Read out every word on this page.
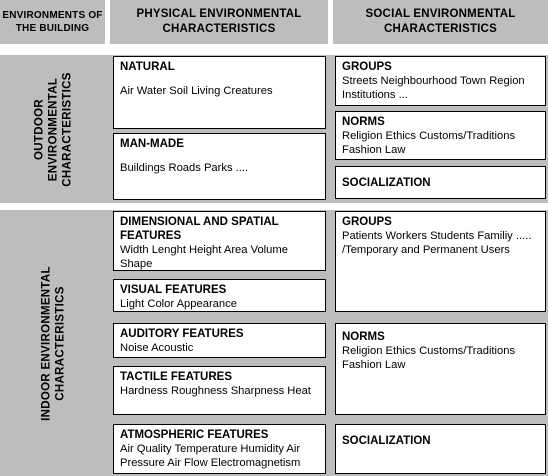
ENVIRONMENTS OF THE BUILDING
PHYSICAL ENVIRONMENTAL CHARACTERISTICS
SOCIAL ENVIRONMENTAL CHARACTERISTICS
OUTDOOR ENVIRONMENTAL CHARACTERISTICS
NATURAL
Air Water Soil Living Creatures
MAN-MADE
Buildings Roads Parks ....
GROUPS
Streets Neighbourhood Town Region Institutions ...
NORMS
Religion Ethics Customs/Traditions Fashion Law
SOCIALIZATION
INDOOR ENVIRONMENTAL CHARACTERISTICS
DIMENSIONAL AND SPATIAL FEATURES
Width Lenght Height Area Volume Shape
VISUAL FEATURES
Light Color Appearance
AUDITORY FEATURES
Noise Acoustic
TACTILE FEATURES
Hardness Roughness Sharpness Heat
ATMOSPHERIC FEATURES
Air Quality Temperature Humidity Air Pressure Air Flow Electromagnetism
GROUPS
Patients Workers Students Familiy .....
/Temporary and Permanent Users
NORMS
Religion Ethics Customs/Traditions Fashion Law
SOCIALIZATION
